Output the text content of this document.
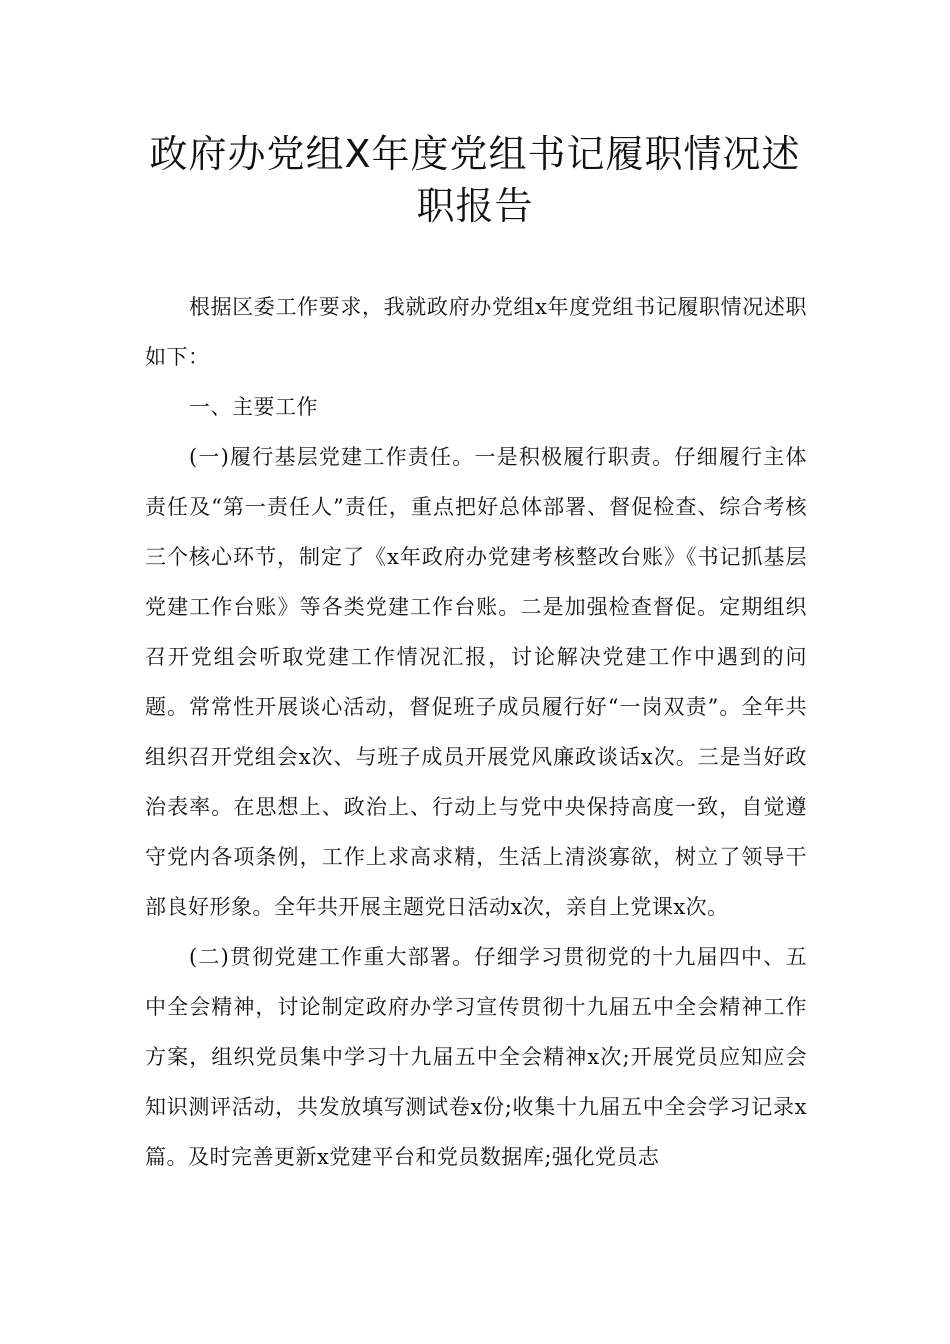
政府办党组Ⅹ年度党组书记履职情况述
职报告

根据区委工作要求，我就政府办党组x年度党组书记履职情况述职如下：

一、主要工作

(一)履行基层党建工作责任。一是积极履行职责。仔细履行主体责任及“第一责任人”责任，重点把好总体部署、督促检查、综合考核三个核心环节，制定了《x年政府办党建考核整改台账》《书记抓基层党建工作台账》等各类党建工作台账。二是加强检查督促。定期组织召开党组会听取党建工作情况汇报，讨论解决党建工作中遇到的问题。常常性开展谈心活动，督促班子成员履行好“一岗双责”。全年共组织召开党组会x次、与班子成员开展党风廉政谈话x次。三是当好政治表率。在思想上、政治上、行动上与党中央保持高度一致，自觉遵守党内各项条例，工作上求高求精，生活上清淡寡欲，树立了领导干部良好形象。全年共开展主题党日活动x次，亲自上党课x次。

(二)贯彻党建工作重大部署。仔细学习贯彻党的十九届四中、五中全会精神，讨论制定政府办学习宣传贯彻十九届五中全会精神工作方案，组织党员集中学习十九届五中全会精神x次;开展党员应知应会知识测评活动，共发放填写测试卷x份;收集十九届五中全会学习记录x篇。及时完善更新x党建平台和党员数据库;强化党员志
